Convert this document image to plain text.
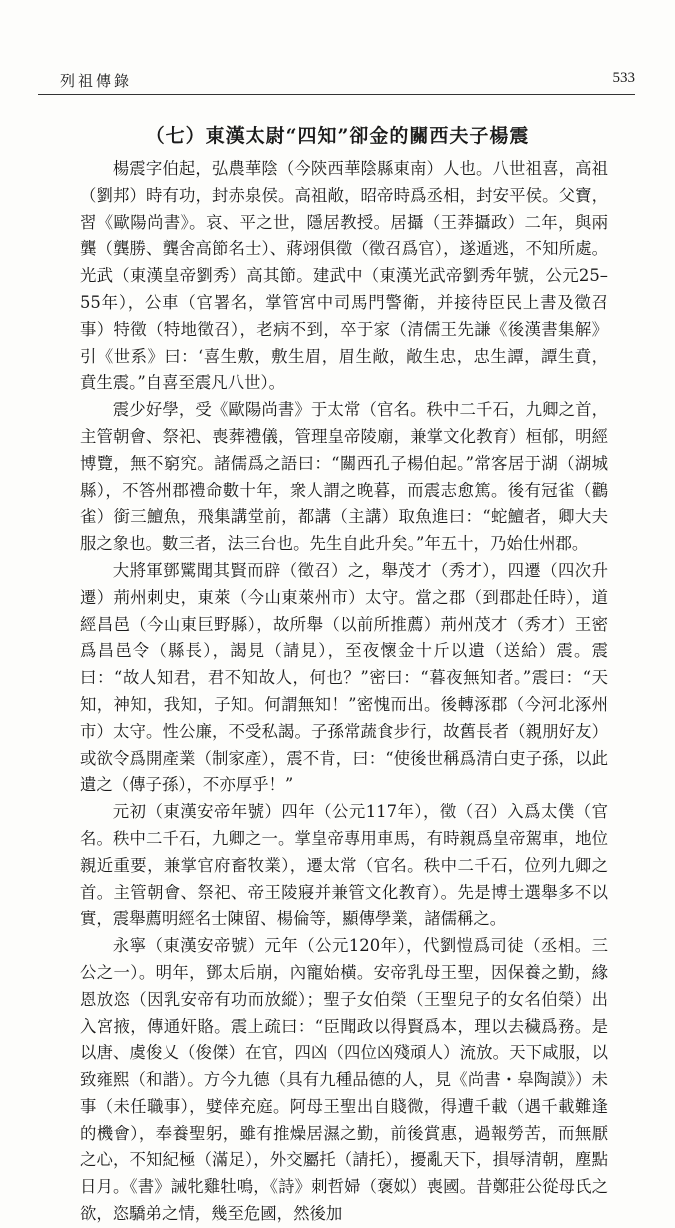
列祖傳錄	533
（七）東漢太尉“四知”卻金的關西夫子楊震

楊震字伯起，弘農華陰（今陝西華陰縣東南）人也。八世祖喜，高祖（劉邦）時有功，封赤泉侯。高祖敞，昭帝時爲丞相，封安平侯。父寶，習《歐陽尚書》。哀、平之世，隱居教授。居攝（王莽攝政）二年，與兩龔（龔勝、龔舍高節名士）、蔣翊俱徵（徵召爲官），遂遁逃，不知所處。光武（東漢皇帝劉秀）高其節。建武中（東漢光武帝劉秀年號，公元25–55年），公車（官署名，掌管宮中司馬門警衛，并接待臣民上書及徵召事）特徵（特地徵召），老病不到，卒于家（清儒王先謙《後漢書集解》引《世系》曰：‘喜生敷，敷生眉，眉生敞，敞生忠，忠生譚，譚生賁，賁生震。”自喜至震凡八世）。

震少好學，受《歐陽尚書》于太常（官名。秩中二千石，九卿之首，主管朝會、祭祀、喪葬禮儀，管理皇帝陵廟，兼掌文化教育）桓郁，明經博覽，無不窮究。諸儒爲之語曰：“關西孔子楊伯起。”常客居于湖（湖城縣），不答州郡禮命數十年，衆人謂之晚暮，而震志愈篤。後有冠雀（鸛雀）銜三鱣魚，飛集講堂前，都講（主講）取魚進曰：“蛇鱣者，卿大夫服之象也。數三者，法三台也。先生自此升矣。”年五十，乃始仕州郡。

大將軍鄧騭聞其賢而辟（徵召）之，舉茂才（秀才），四遷（四次升遷）荊州刺史，東萊（今山東萊州市）太守。當之郡（到郡赴任時），道經昌邑（今山東巨野縣），故所舉（以前所推薦）荊州茂才（秀才）王密爲昌邑令（縣長），謁見（請見），至夜懷金十斤以遺（送給）震。震曰：“故人知君，君不知故人，何也？”密曰：“暮夜無知者。”震曰：“天知，神知，我知，子知。何謂無知！”密愧而出。後轉涿郡（今河北涿州市）太守。性公廉，不受私謁。子孫常蔬食步行，故舊長者（親朋好友）或欲令爲開產業（制家產），震不肯，曰：“使後世稱爲清白吏子孫，以此遺之（傳子孫），不亦厚乎！”

元初（東漢安帝年號）四年（公元117年），徵（召）入爲太僕（官名。秩中二千石，九卿之一。掌皇帝專用車馬，有時親爲皇帝駕車，地位親近重要，兼掌官府畜牧業），遷太常（官名。秩中二千石，位列九卿之首。主管朝會、祭祀、帝王陵寢并兼管文化教育）。先是博士選舉多不以實，震舉薦明經名士陳留、楊倫等，顯傳學業，諸儒稱之。

永寧（東漢安帝號）元年（公元120年），代劉愷爲司徒（丞相。三公之一）。明年，鄧太后崩，內寵始橫。安帝乳母王聖，因保養之勤，緣恩放恣（因乳安帝有功而放縱）；聖子女伯榮（王聖兒子的女名伯榮）出入宮掖，傳通奸賂。震上疏曰：“臣聞政以得賢爲本，理以去穢爲務。是以唐、虞俊乂（俊傑）在官，四凶（四位凶殘頑人）流放。天下咸服，以致雍熙（和諧）。方今九德（具有九種品德的人，見《尚書・皋陶謨》）未事（未任職事），嬖倖充庭。阿母王聖出自賤微，得遭千載（遇千載難逢的機會），奉養聖躬，雖有推燥居濕之勤，前後賞惠，過報勞苦，而無厭之心，不知紀極（滿足），外交屬托（請托），擾亂天下，損辱清朝，塵點日月。《書》誡牝雞牡鳴，《詩》刺哲婦（褒姒）喪國。昔鄭莊公從母氏之欲，恣驕弟之情，幾至危國，然後加

​
